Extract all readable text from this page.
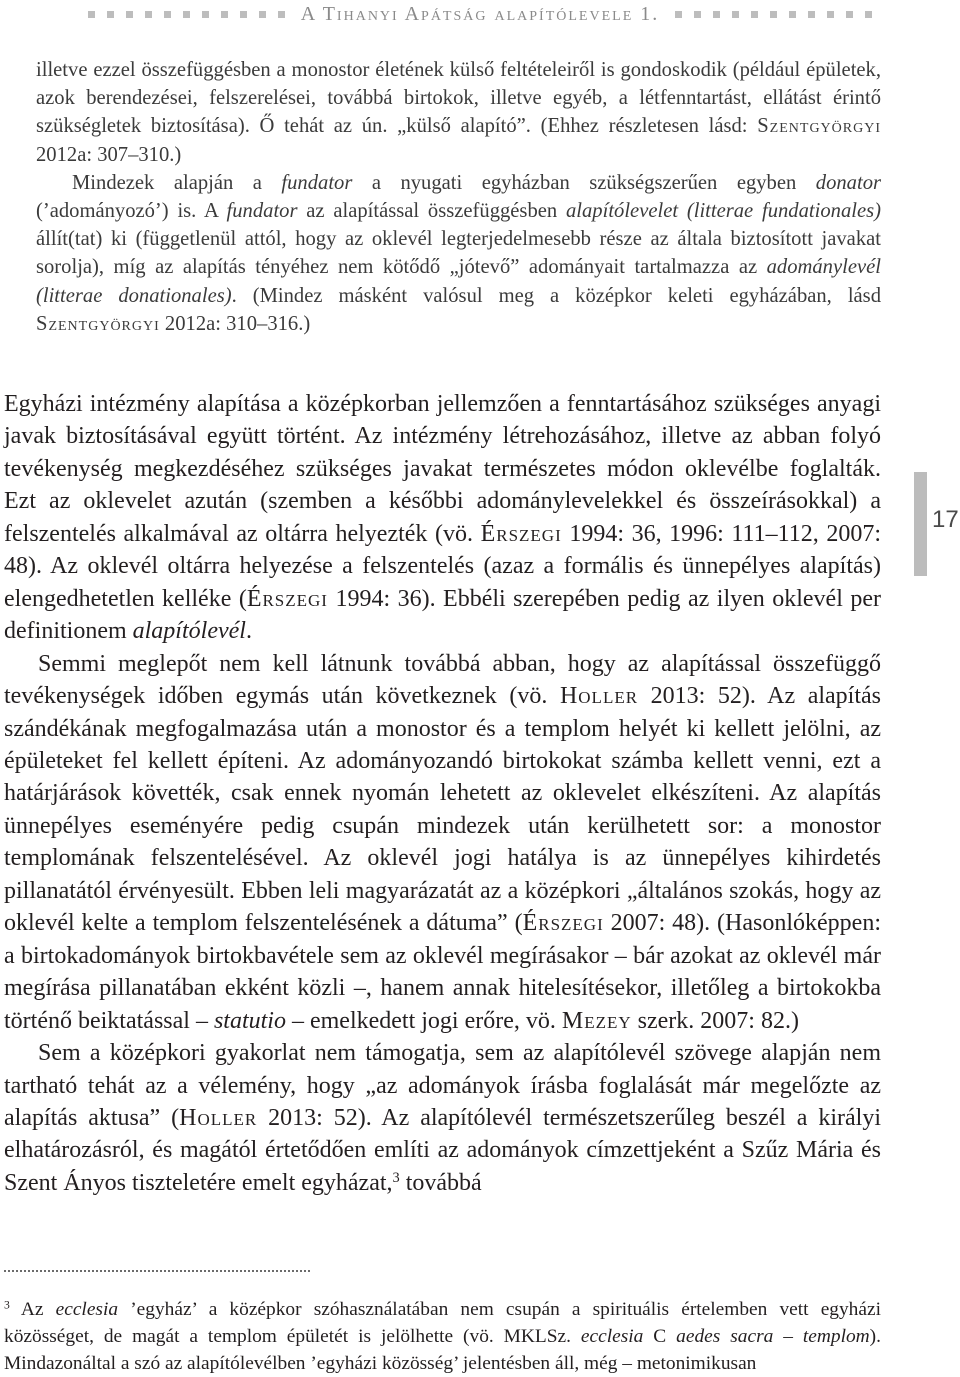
A Tihanyi Apátság alapítólevele 1.

illetve ezzel összefüggésben a monostor életének külső feltételeiről is gondoskodik (például épületek, azok berendezései, felszerelései, továbbá birtokok, illetve egyéb, a létfenntartást, ellátást érintő szükségletek biztosítása). Ő tehát az ún. „külső alapító”. (Ehhez részletesen lásd: Szentgyörgyi 2012a: 307–310.)

Mindezek alapján a fundator a nyugati egyházban szükségszerűen egyben donator (’adományozó’) is. A fundator az alapítással összefüggésben alapítólevelet (litterae fundationales) állít(tat) ki (függetlenül attól, hogy az oklevél legterjedelmesebb része az általa biztosított javakat sorolja), míg az alapítás tényéhez nem kötődő „jótevő” adományait tartalmazza az adománylevél (litterae donationales). (Mindez másként valósul meg a középkor keleti egyházában, lásd Szentgyörgyi 2012a: 310–316.)

Egyházi intézmény alapítása a középkorban jellemzően a fenntartásához szükséges anyagi javak biztosításával együtt történt. Az intézmény létrehozásához, illetve az abban folyó tevékenység megkezdéséhez szükséges javakat természetes módon oklevélbe foglalták. Ezt az oklevelet azután (szemben a későbbi adománylevelekkel és összeírásokkal) a felszentelés alkalmával az oltárra helyezték (vö. Érszegi 1994: 36, 1996: 111–112, 2007: 48). Az oklevél oltárra helyezése a felszentelés (azaz a formális és ünnepélyes alapítás) elengedhetetlen kelléke (Érszegi 1994: 36). Ebbéli szerepében pedig az ilyen oklevél per definitionem alapítólevél.

Semmi meglepőt nem kell látnunk továbbá abban, hogy az alapítással összefüggő tevékenységek időben egymás után következnek (vö. Holler 2013: 52). Az alapítás szándékának megfogalmazása után a monostor és a templom helyét ki kellett jelölni, az épületeket fel kellett építeni. Az adományozandó birtokokat számba kellett venni, ezt a határjárások követték, csak ennek nyomán lehetett az oklevelet elkészíteni. Az alapítás ünnepélyes eseményére pedig csupán mindezek után kerülhetett sor: a monostor templomának felszentelésével. Az oklevél jogi hatálya is az ünnepélyes kihirdetés pillanatától érvényesült. Ebben leli magyarázatát az a középkori „általános szokás, hogy az oklevél kelte a templom felszentelésének a dátuma” (Érszegi 2007: 48). (Hasonlóképpen: a birtokadományok birtokbavétele sem az oklevél megírásakor – bár azokat az oklevél már megírása pillanatában ekként közli –, hanem annak hitelesítésekor, illetőleg a birtokokba történő beiktatással – statutio – emelkedett jogi erőre, vö. Mezey szerk. 2007: 82.)

Sem a középkori gyakorlat nem támogatja, sem az alapítólevél szövege alapján nem tartható tehát az a vélemény, hogy „az adományok írásba foglalását már megelőzte az alapítás aktusa” (Holler 2013: 52). Az alapítólevél természetszerűleg beszél a királyi elhatározásról, és magától értetődően említi az adományok címzettjeként a Szűz Mária és Szent Ányos tiszteletére emelt egyházat,$^3$ továbbá

17

$^3$ Az ecclesia ’egyház’ a középkor szóhasználatában nem csupán a spirituális értelemben vett egyházi közösséget, de magát a templom épületét is jelölhette (vö. MKLSz. ecclesia C aedes sacra – templom). Mindazonáltal a szó az alapítólevélben ’egyházi közösség’ jelentésben áll, még – metonimikusan
